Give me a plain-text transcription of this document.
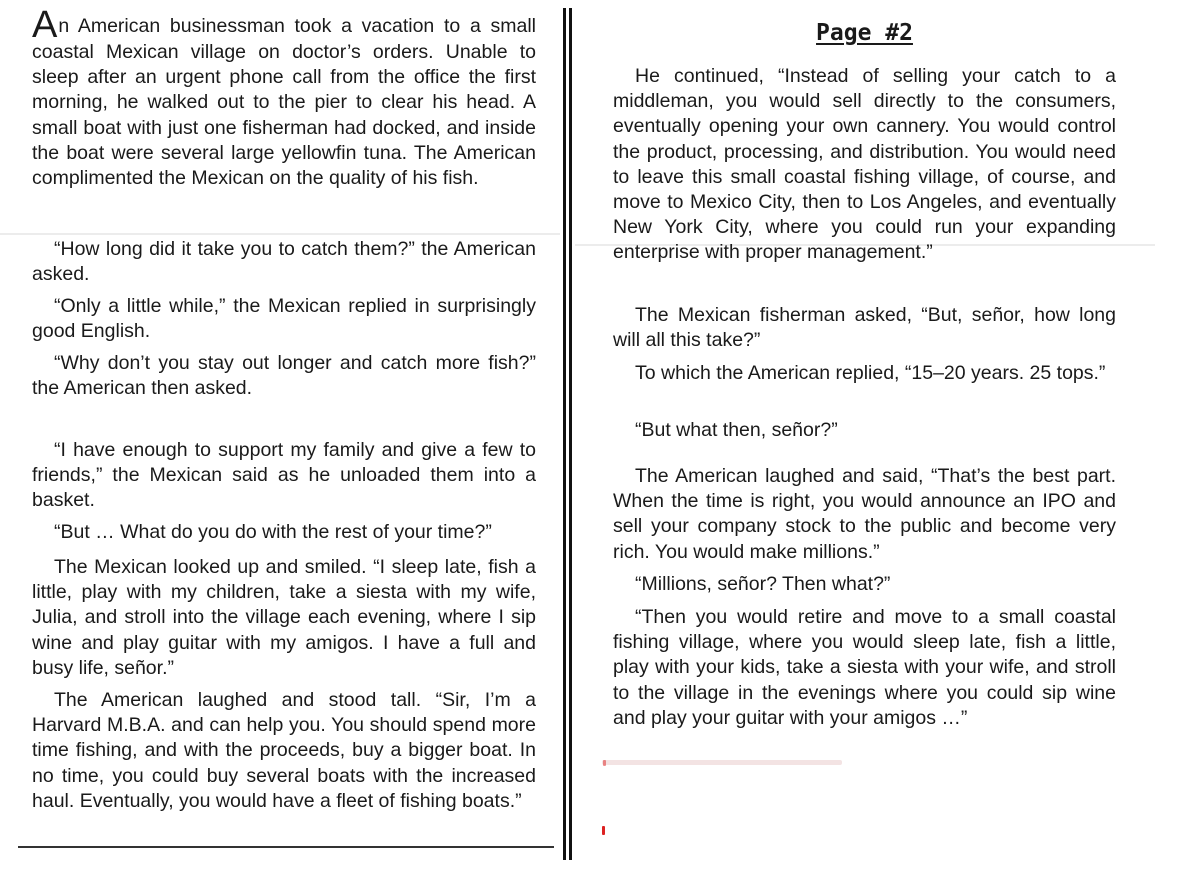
An American businessman took a vacation to a small coastal Mexican village on doctor’s orders. Unable to sleep after an urgent phone call from the office the first morning, he walked out to the pier to clear his head. A small boat with just one fisherman had docked, and inside the boat were several large yellowfin tuna. The American complimented the Mexican on the quality of his fish.

“How long did it take you to catch them?” the American asked.

“Only a little while,” the Mexican replied in surprisingly good English.

“Why don’t you stay out longer and catch more fish?” the American then asked.

“I have enough to support my family and give a few to friends,” the Mexican said as he unloaded them into a basket.

“But … What do you do with the rest of your time?”

The Mexican looked up and smiled. “I sleep late, fish a little, play with my children, take a siesta with my wife, Julia, and stroll into the village each evening, where I sip wine and play guitar with my amigos. I have a full and busy life, señor.”

The American laughed and stood tall. “Sir, I’m a Harvard M.B.A. and can help you. You should spend more time fishing, and with the proceeds, buy a bigger boat. In no time, you could buy several boats with the increased haul. Eventually, you would have a fleet of fishing boats.”

Page #2

He continued, “Instead of selling your catch to a middleman, you would sell directly to the consumers, eventually opening your own cannery. You would control the product, processing, and distribution. You would need to leave this small coastal fishing village, of course, and move to Mexico City, then to Los Angeles, and eventually New York City, where you could run your expanding enterprise with proper management.”

The Mexican fisherman asked, “But, señor, how long will all this take?”

To which the American replied, “15–20 years. 25 tops.”

“But what then, señor?”

The American laughed and said, “That’s the best part. When the time is right, you would announce an IPO and sell your company stock to the public and become very rich. You would make millions.”

“Millions, señor? Then what?”

“Then you would retire and move to a small coastal fishing village, where you would sleep late, fish a little, play with your kids, take a siesta with your wife, and stroll to the village in the evenings where you could sip wine and play your guitar with your amigos …”
